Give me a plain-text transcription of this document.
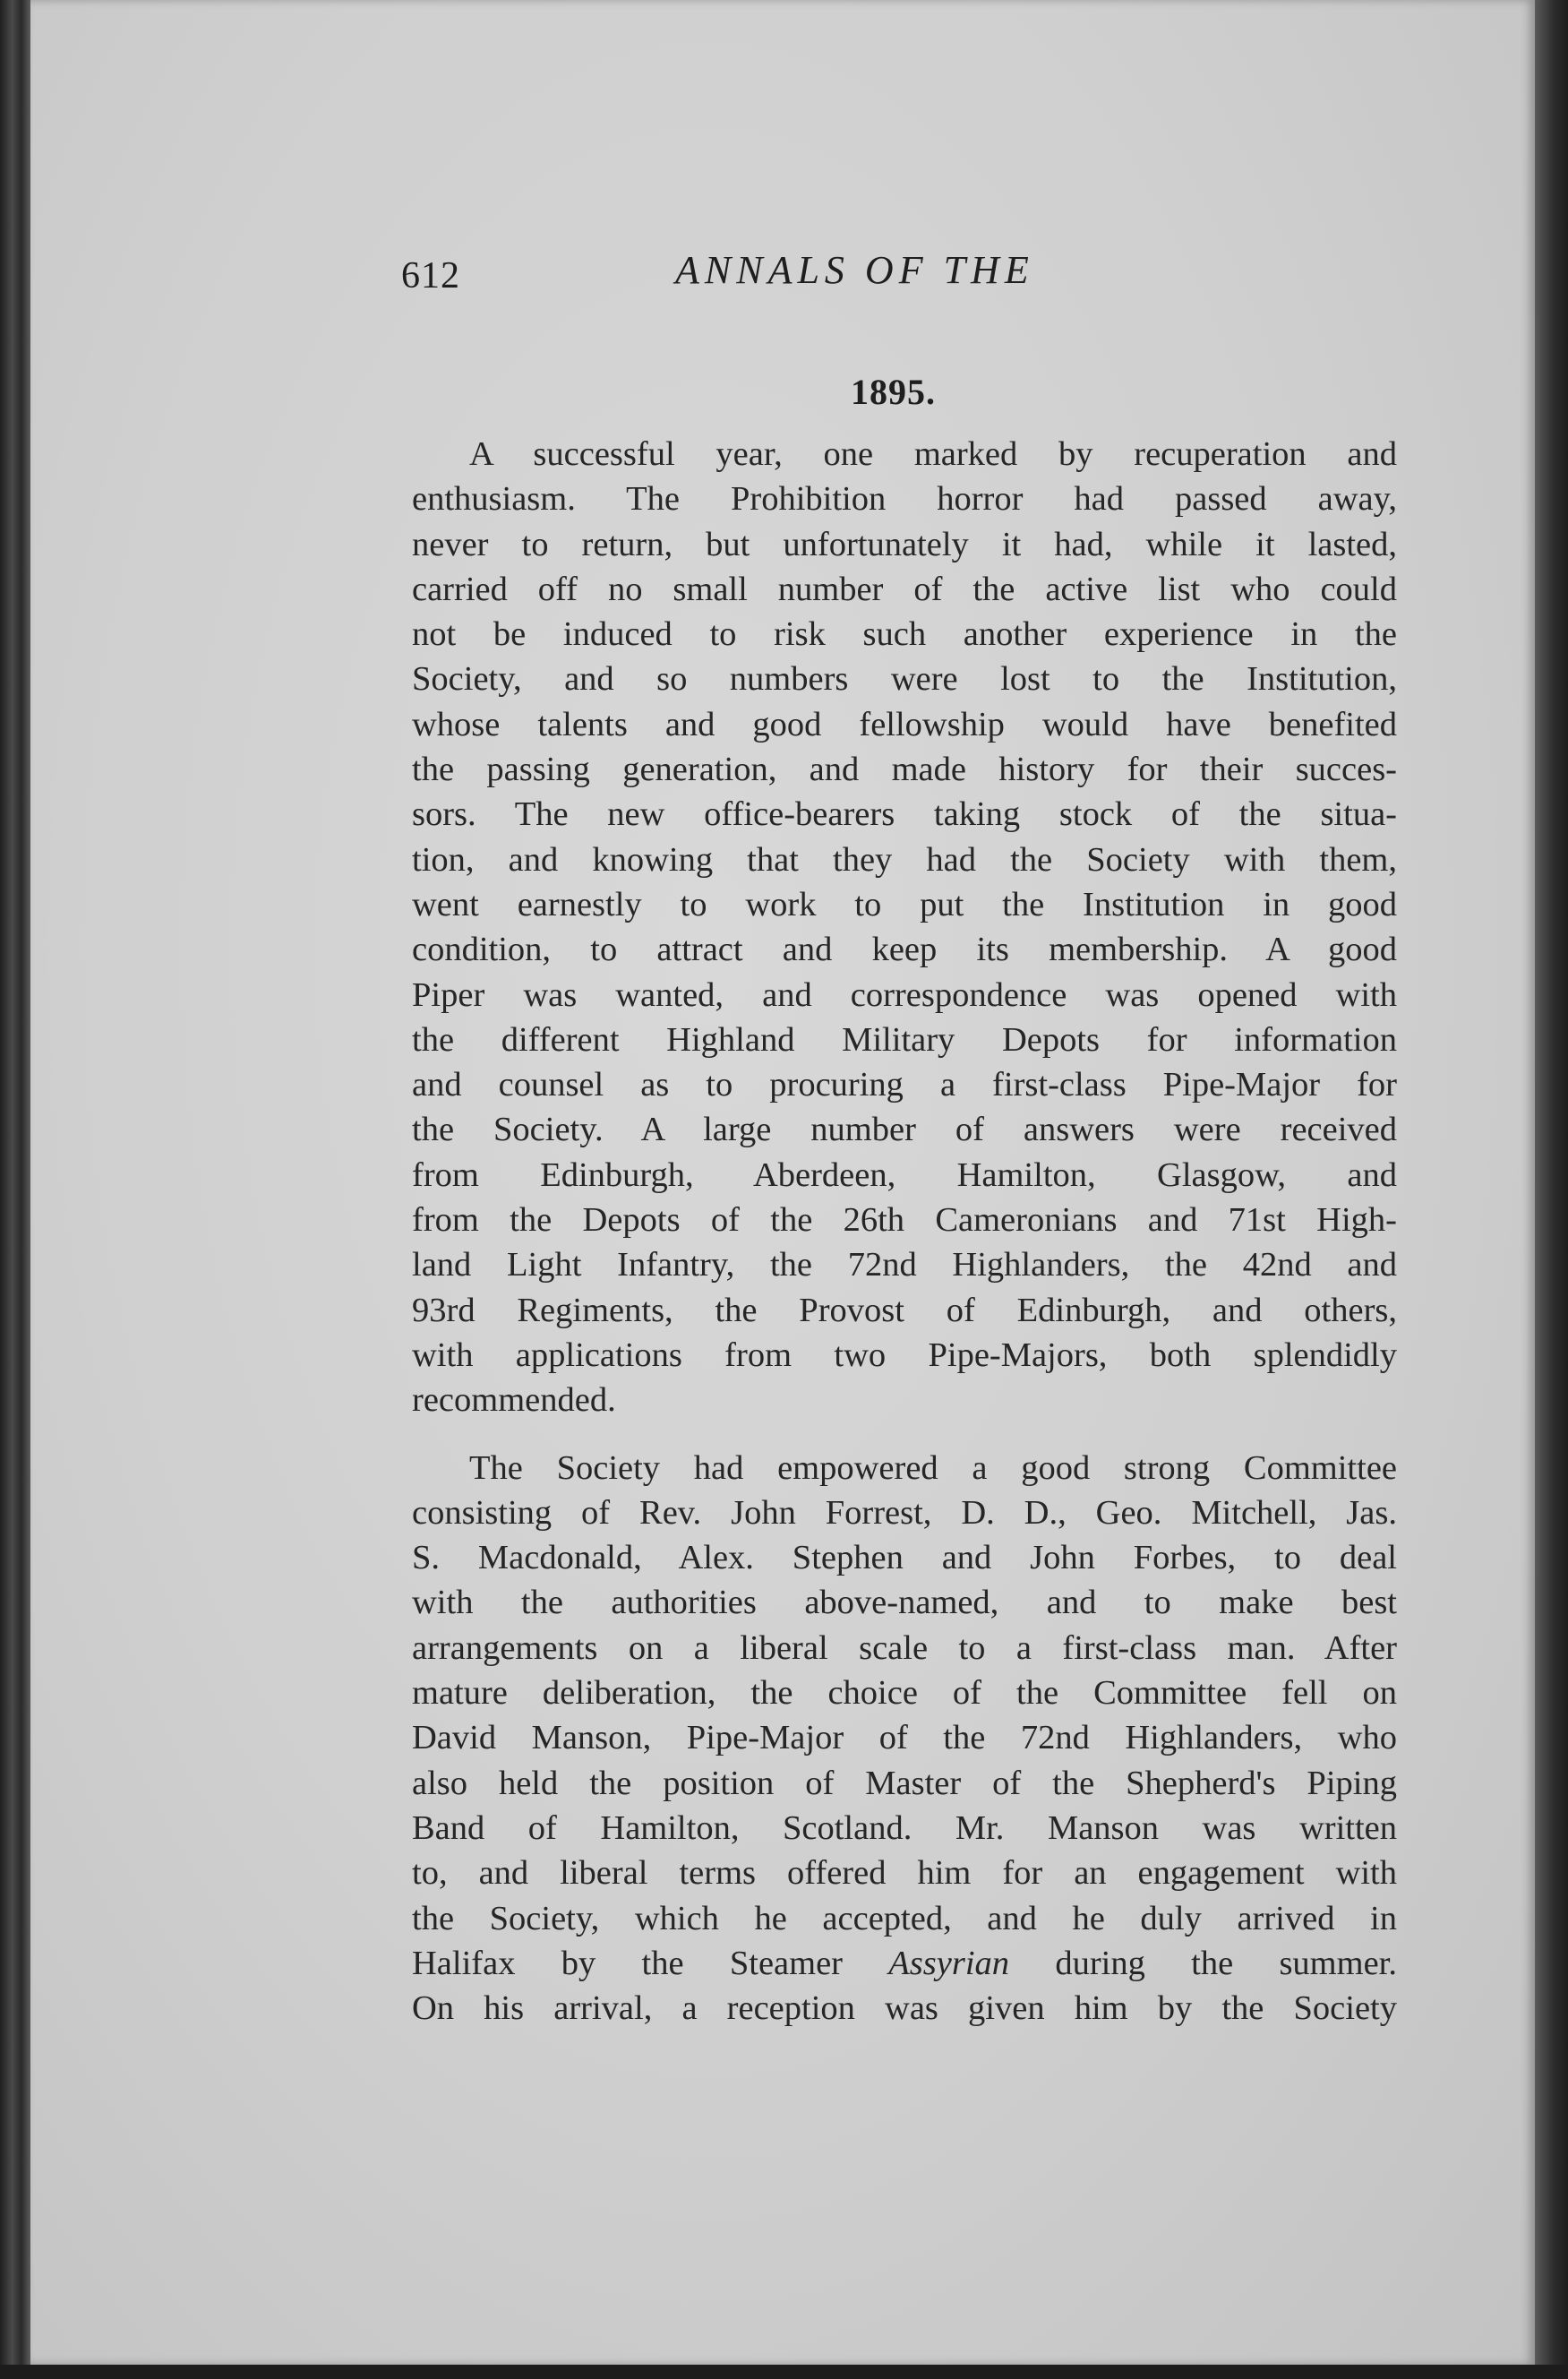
612	ANNALS OF THE
1895.
A successful year, one marked by recuperation and
enthusiasm. The Prohibition horror had passed away,
never to return, but unfortunately it had, while it lasted,
carried off no small number of the active list who could
not be induced to risk such another experience in the
Society, and so numbers were lost to the Institution,
whose talents and good fellowship would have benefited
the passing generation, and made history for their succes-
sors. The new office-bearers taking stock of the situa-
tion, and knowing that they had the Society with them,
went earnestly to work to put the Institution in good
condition, to attract and keep its membership. A good
Piper was wanted, and correspondence was opened with
the different Highland Military Depots for information
and counsel as to procuring a first-class Pipe-Major for
the Society. A large number of answers were received
from Edinburgh, Aberdeen, Hamilton, Glasgow, and
from the Depots of the 26th Cameronians and 71st High-
land Light Infantry, the 72nd Highlanders, the 42nd and
93rd Regiments, the Provost of Edinburgh, and others,
with applications from two Pipe-Majors, both splendidly
recommended.
The Society had empowered a good strong Committee
consisting of Rev. John Forrest, D. D., Geo. Mitchell, Jas.
S. Macdonald, Alex. Stephen and John Forbes, to deal
with the authorities above-named, and to make best
arrangements on a liberal scale to a first-class man. After
mature deliberation, the choice of the Committee fell on
David Manson, Pipe-Major of the 72nd Highlanders, who
also held the position of Master of the Shepherd's Piping
Band of Hamilton, Scotland. Mr. Manson was written
to, and liberal terms offered him for an engagement with
the Society, which he accepted, and he duly arrived in
Halifax by the Steamer Assyrian during the summer.
On his arrival, a reception was given him by the Society
